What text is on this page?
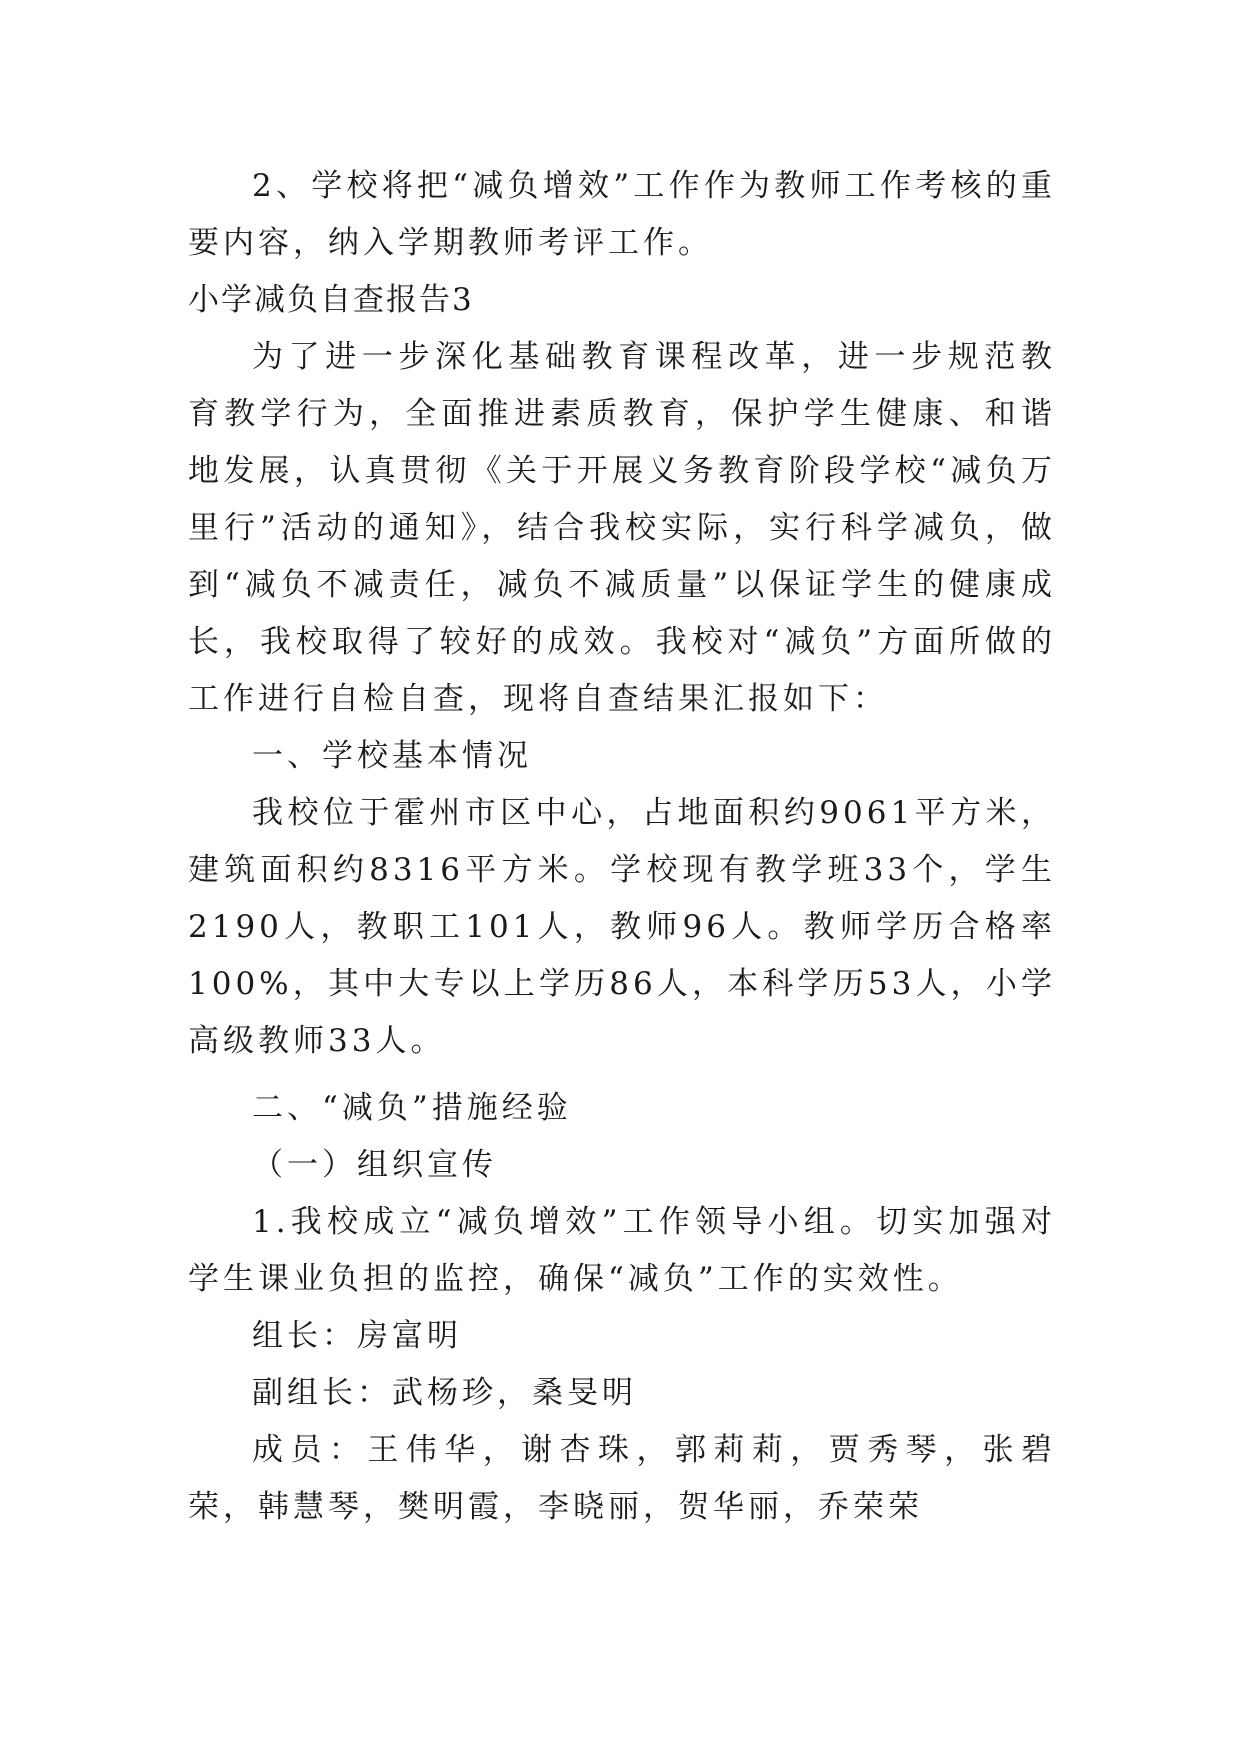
2、学校将把“减负增效”工作作为教师工作考核的重要内容，纳入学期教师考评工作。

小学减负自查报告3

为了进一步深化基础教育课程改革，进一步规范教育教学行为，全面推进素质教育，保护学生健康、和谐地发展，认真贯彻《关于开展义务教育阶段学校“减负万里行”活动的通知》，结合我校实际，实行科学减负，做到“减负不减责任，减负不减质量”以保证学生的健康成长，我校取得了较好的成效。我校对“减负”方面所做的工作进行自检自查，现将自查结果汇报如下：

一、学校基本情况

我校位于霍州市区中心，占地面积约9061平方米，建筑面积约8316平方米。学校现有教学班33个，学生2190人，教职工101人，教师96人。教师学历合格率100%，其中大专以上学历86人，本科学历53人，小学高级教师33人。

二、“减负”措施经验

（一）组织宣传

1.我校成立“减负增效”工作领导小组。切实加强对学生课业负担的监控，确保“减负”工作的实效性。

组长：房富明

副组长：武杨珍，桑旻明

成员：王伟华，谢杏珠，郭莉莉，贾秀琴，张碧荣，韩慧琴，樊明霞，李晓丽，贺华丽，乔荣荣
